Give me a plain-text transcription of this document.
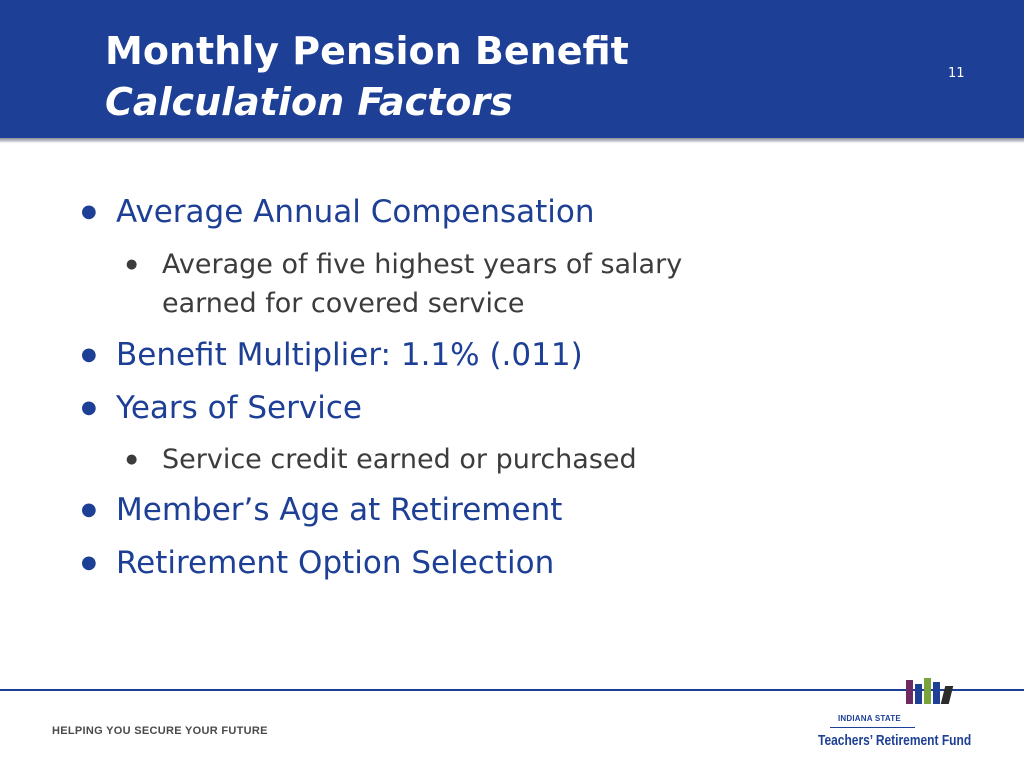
Monthly Pension Benefit
Calculation Factors
11
● Average Annual Compensation
● Average of five highest years of salary
earned for covered service
● Benefit Multiplier: 1.1% (.011)
● Years of Service
● Service credit earned or purchased
● Member’s Age at Retirement
● Retirement Option Selection
HELPING YOU SECURE YOUR FUTURE
INDIANA STATE
Teachers’ Retirement Fund
